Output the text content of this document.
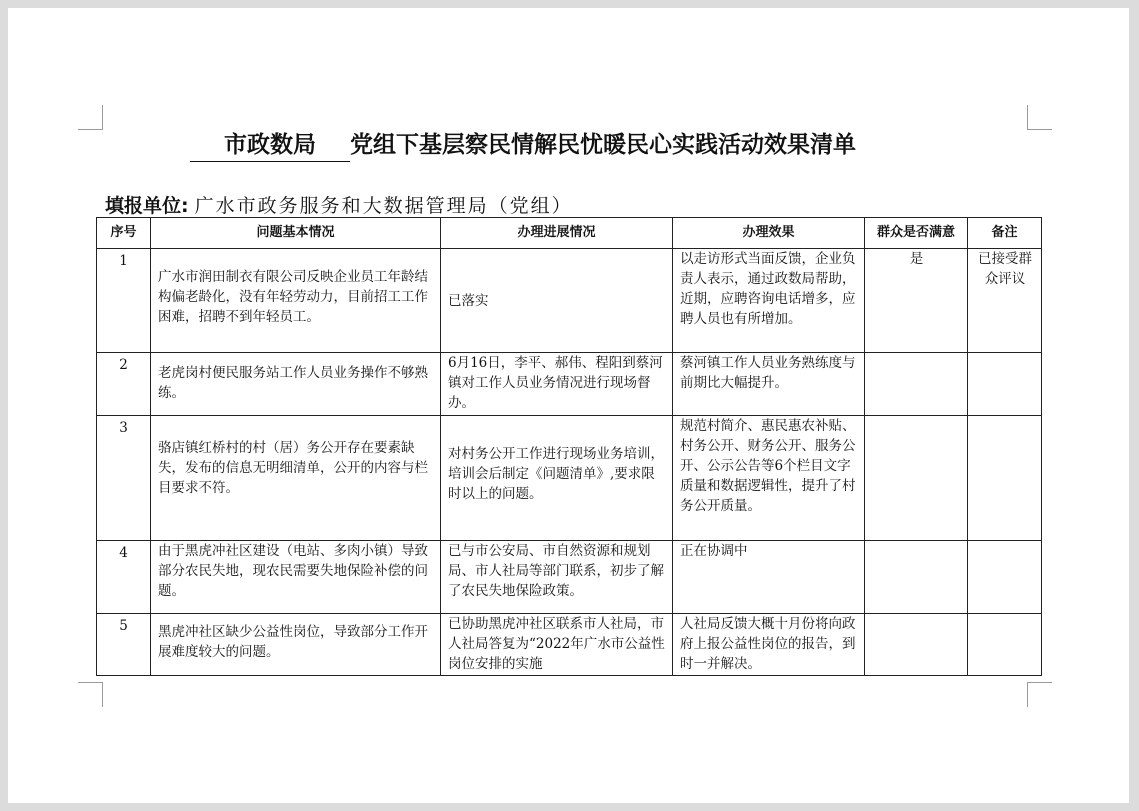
市政数局 党组下基层察民情解民忧暖民心实践活动效果清单
填报单位: 广水市政务服务和大数据管理局（党组）
序号	问题基本情况	办理进展情况	办理效果	群众是否满意	备注

1	广水市润田制衣有限公司反映企业员工年龄结构偏老龄化，没有年轻劳动力，目前招工工作困难，招聘不到年轻员工。	已落实	以走访形式当面反馈，企业负责人表示，通过政数局帮助，近期，应聘咨询电话增多，应聘人员也有所增加。	是	已接受群众评议

2	老虎岗村便民服务站工作人员业务操作不够熟练。	6月16日，李平、郝伟、程阳到蔡河镇对工作人员业务情况进行现场督办。	蔡河镇工作人员业务熟练度与前期比大幅提升。		

3	骆店镇红桥村的村（居）务公开存在要素缺失，发布的信息无明细清单，公开的内容与栏目要求不符。	对村务公开工作进行现场业务培训，培训会后制定《问题清单》,要求限时以上的问题。	规范村简介、惠民惠农补贴、村务公开、财务公开、服务公开、公示公告等6个栏目文字质量和数据逻辑性，提升了村务公开质量。		

4	由于黑虎冲社区建设（电站、多肉小镇）导致部分农民失地，现农民需要失地保险补偿的问题。	已与市公安局、市自然资源和规划局、市人社局等部门联系，初步了解了农民失地保险政策。	正在协调中		

5	黑虎冲社区缺少公益性岗位，导致部分工作开展难度较大的问题。	已协助黑虎冲社区联系市人社局，市人社局答复为“2022年广水市公益性岗位安排的实施	人社局反馈大概十月份将向政府上报公益性岗位的报告，到时一并解决。		
